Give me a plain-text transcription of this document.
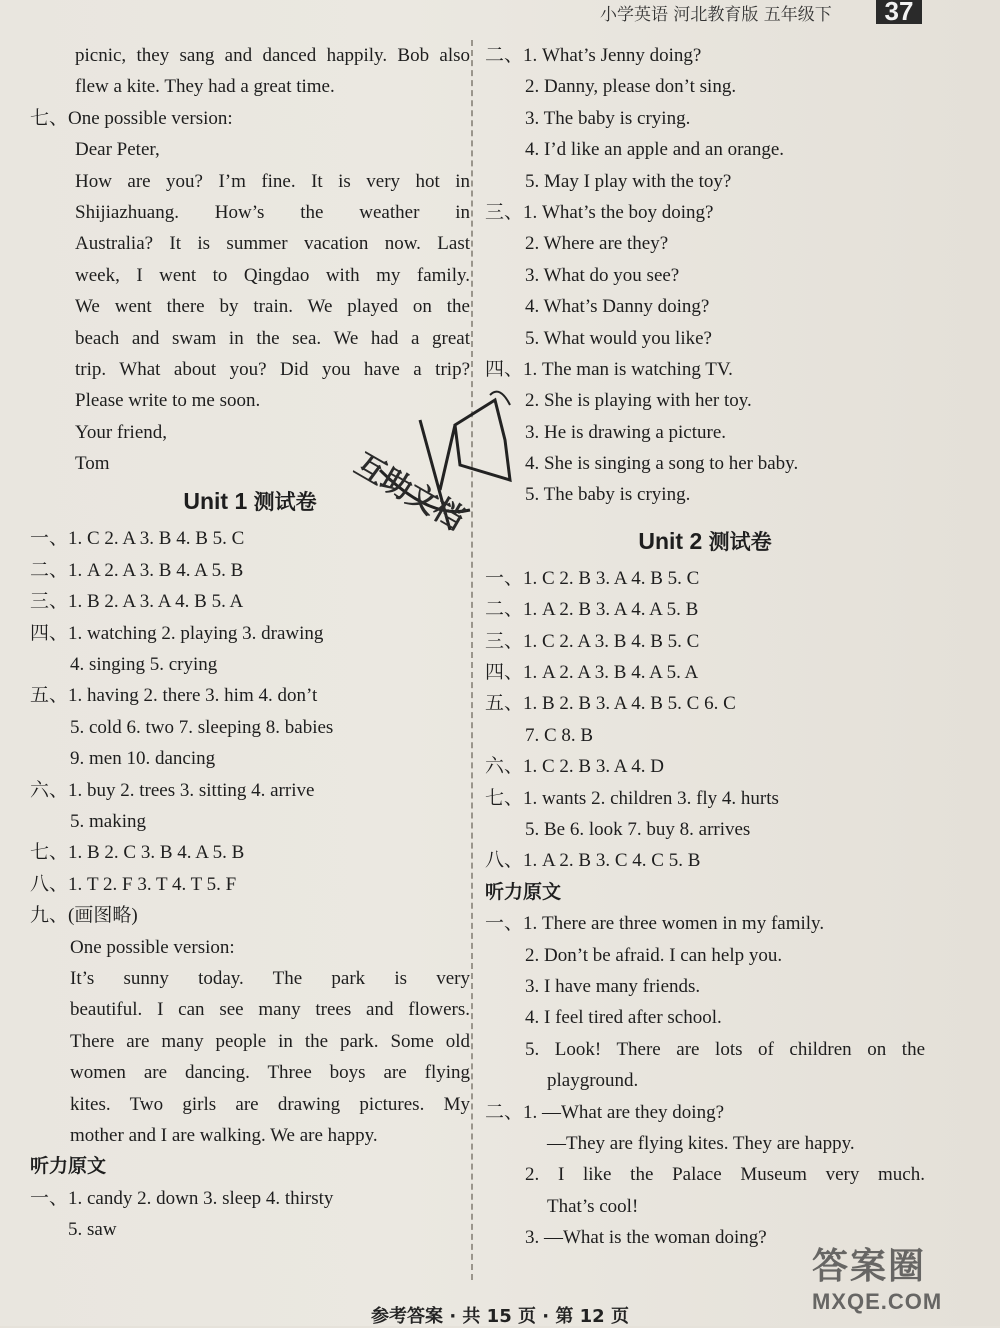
小学英语 河北教育版 五年级下	37
picnic, they sang and danced happily. Bob also
flew a kite. They had a great time.
七、One possible version:
Dear Peter,
How are you? I’m fine. It is very hot in
Shijiazhuang. How’s the weather in
Australia? It is summer vacation now. Last
week, I went to Qingdao with my family.
We went there by train. We played on the
beach and swam in the sea. We had a great
trip. What about you? Did you have a trip?
Please write to me soon.
Your friend,
Tom
Unit 1 测试卷
一、1. C 2. A 3. B 4. B 5. C
二、1. A 2. A 3. B 4. A 5. B
三、1. B 2. A 3. A 4. B 5. A
四、1. watching 2. playing 3. drawing
4. singing 5. crying
五、1. having 2. there 3. him 4. don’t
5. cold 6. two 7. sleeping 8. babies
9. men 10. dancing
六、1. buy 2. trees 3. sitting 4. arrive
5. making
七、1. B 2. C 3. B 4. A 5. B
八、1. T 2. F 3. T 4. T 5. F
九、(画图略)
One possible version:
It’s sunny today. The park is very
beautiful. I can see many trees and flowers.
There are many people in the park. Some old
women are dancing. Three boys are flying
kites. Two girls are drawing pictures. My
mother and I are walking. We are happy.
听力原文
一、1. candy 2. down 3. sleep 4. thirsty
5. saw
二、1. What’s Jenny doing?
2. Danny, please don’t sing.
3. The baby is crying.
4. I’d like an apple and an orange.
5. May I play with the toy?
三、1. What’s the boy doing?
2. Where are they?
3. What do you see?
4. What’s Danny doing?
5. What would you like?
四、1. The man is watching TV.
2. She is playing with her toy.
3. He is drawing a picture.
4. She is singing a song to her baby.
5. The baby is crying.
Unit 2 测试卷
一、1. C 2. B 3. A 4. B 5. C
二、1. A 2. B 3. A 4. A 5. B
三、1. C 2. A 3. B 4. B 5. C
四、1. A 2. A 3. B 4. A 5. A
五、1. B 2. B 3. A 4. B 5. C 6. C
7. C 8. B
六、1. C 2. B 3. A 4. D
七、1. wants 2. children 3. fly 4. hurts
5. Be 6. look 7. buy 8. arrives
八、1. A 2. B 3. C 4. C 5. B
听力原文
一、1. There are three women in my family.
2. Don’t be afraid. I can help you.
3. I have many friends.
4. I feel tired after school.
5. Look! There are lots of children on the
playground.
二、1. —What are they doing?
—They are flying kites. They are happy.
2. I like the Palace Museum very much.
That’s cool!
3. —What is the woman doing?
互助文档
参考答案 · 共 15 页 · 第 12 页
答案圈
MXQE.COM
